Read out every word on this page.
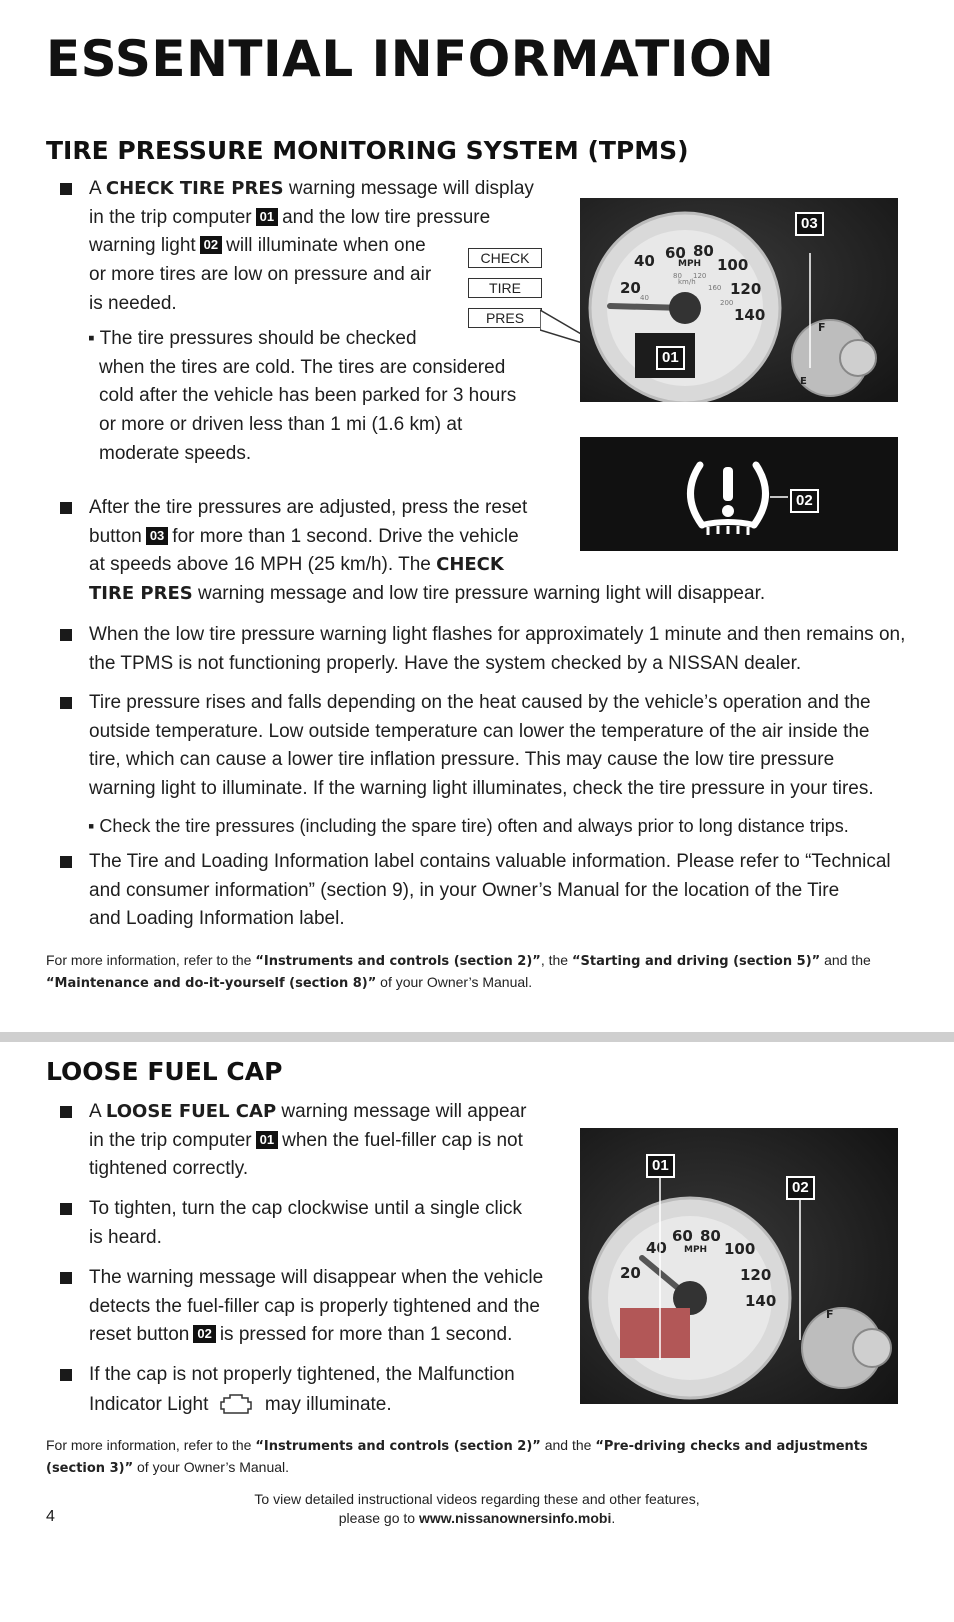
ESSENTIAL INFORMATION
TIRE PRESSURE MONITORING SYSTEM (TPMS)
A CHECK TIRE PRES warning message will display
in the trip computer 01 and the low tire pressure
warning light 02 will illuminate when one
or more tires are low on pressure and air
is needed.
▪ The tire pressures should be checked
when the tires are cold. The tires are considered
cold after the vehicle has been parked for 3 hours
or more or driven less than 1 mi (1.6 km) at
moderate speeds.
CHECK
TIRE
PRES
20
40 60 80
100
120
140
MPH
40
80 120
160
200
km/h
F
E
03
01
02
After the tire pressures are adjusted, press the reset
button 03 for more than 1 second. Drive the vehicle
at speeds above 16 MPH (25 km/h). The CHECK
TIRE PRES warning message and low tire pressure warning light will disappear.
When the low tire pressure warning light flashes for approximately 1 minute and then remains on,
the TPMS is not functioning properly. Have the system checked by a NISSAN dealer.
Tire pressure rises and falls depending on the heat caused by the vehicle’s operation and the
outside temperature. Low outside temperature can lower the temperature of the air inside the
tire, which can cause a lower tire inflation pressure. This may cause the low tire pressure
warning light to illuminate. If the warning light illuminates, check the tire pressure in your tires.
▪ Check the tire pressures (including the spare tire) often and always prior to long distance trips.
The Tire and Loading Information label contains valuable information. Please refer to “Technical
and consumer information” (section 9), in your Owner’s Manual for the location of the Tire
and Loading Information label.
For more information, refer to the “Instruments and controls (section 2)”, the “Starting and driving (section 5)” and the
“Maintenance and do-it-yourself (section 8)” of your Owner’s Manual.
LOOSE FUEL CAP
A LOOSE FUEL CAP warning message will appear
in the trip computer 01 when the fuel-filler cap is not
tightened correctly.
To tighten, turn the cap clockwise until a single click
is heard.
The warning message will disappear when the vehicle
detects the fuel-filler cap is properly tightened and the
reset button 02 is pressed for more than 1 second.
If the cap is not properly tightened, the Malfunction
Indicator Light	may illuminate.
20
40
60 80
100
120
140
MPH
F
01
02
For more information, refer to the “Instruments and controls (section 2)” and the “Pre-driving checks and adjustments
(section 3)” of your Owner’s Manual.
To view detailed instructional videos regarding these and other features,
please go to www.nissanownersinfo.mobi.
4
